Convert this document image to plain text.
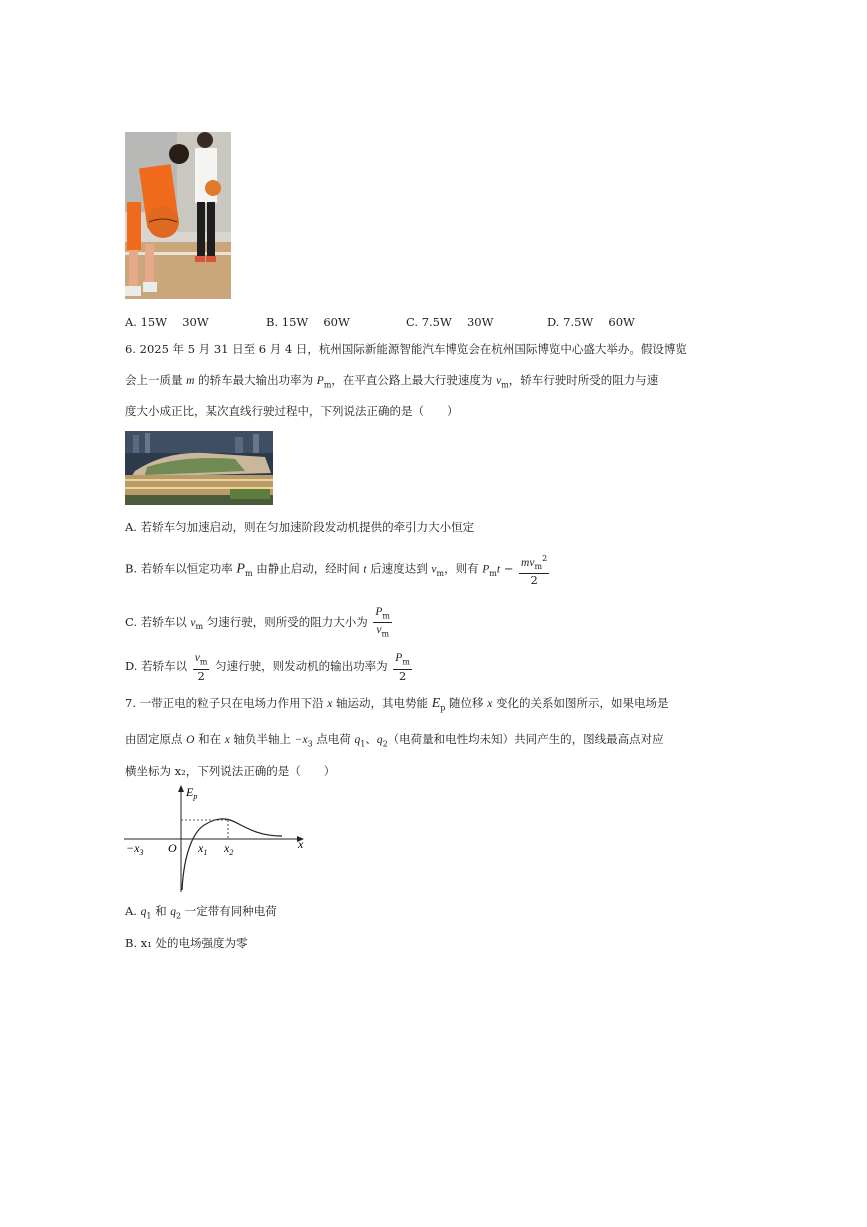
A. 15W　 30W	B. 15W　 60W	C. 7.5W　 30W	D. 7.5W　 60W
6. 2025 年 5 月 31 日至 6 月 4 日，杭州国际新能源智能汽车博览会在杭州国际博览中心盛大举办。假设博览
会上一质量 m 的轿车最大输出功率为 $P_m$，在平直公路上最大行驶速度为 $v_m$，轿车行驶时所受的阻力与速
度大小成正比，某次直线行驶过程中，下列说法正确的是（　　）
A. 若轿车匀加速启动，则在匀加速阶段发动机提供的牵引力大小恒定
B. 若轿车以恒定功率 $P_m$ 由静止启动，经时间 t 后速度达到 $v_m$，则有 $P_mt - \frac{mv_m^2}{2}$
C. 若轿车以 $v_m$ 匀速行驶，则所受的阻力大小为 $\frac{P_m}{v_m}$
D. 若轿车以 $\frac{v_m}{2}$ 匀速行驶，则发动机的输出功率为 $\frac{P_m}{2}$
7. 一带正电的粒子只在电场力作用下沿 x 轴运动，其电势能 $E_p$ 随位移 x 变化的关系如图所示，如果电场是
由固定原点 O 和在 x 轴负半轴上 $-x_3$ 点电荷 $q_1$、$q_2$（电荷量和电性均未知）共同产生的，图线最高点对应
横坐标为 x₂，下列说法正确的是（　　）
$E_p$
O	x
$-x_3$	$x_1$ $x_2$
A. $q_1$ 和 $q_2$ 一定带有同种电荷
B. x₁ 处的电场强度为零
